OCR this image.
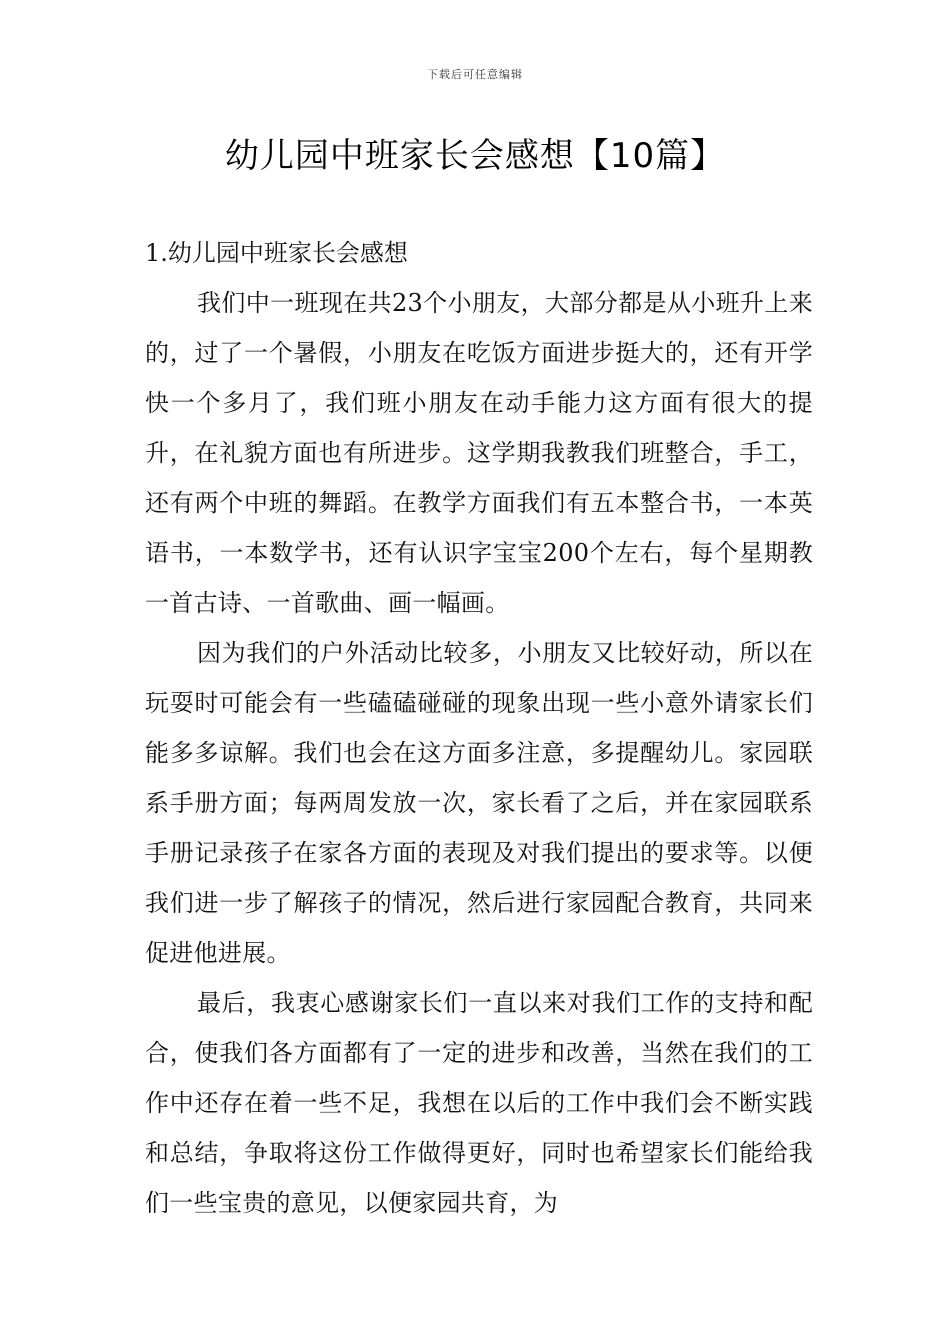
下载后可任意编辑
幼儿园中班家长会感想【10篇】

1.幼儿园中班家长会感想

我们中一班现在共23个小朋友，大部分都是从小班升上来的，过了一个暑假，小朋友在吃饭方面进步挺大的，还有开学快一个多月了，我们班小朋友在动手能力这方面有很大的提升，在礼貌方面也有所进步。这学期我教我们班整合，手工，还有两个中班的舞蹈。在教学方面我们有五本整合书，一本英语书，一本数学书，还有认识字宝宝200个左右，每个星期教一首古诗、一首歌曲、画一幅画。

因为我们的户外活动比较多，小朋友又比较好动，所以在玩耍时可能会有一些磕磕碰碰的现象出现一些小意外请家长们能多多谅解。我们也会在这方面多注意，多提醒幼儿。家园联系手册方面；每两周发放一次，家长看了之后，并在家园联系手册记录孩子在家各方面的表现及对我们提出的要求等。以便我们进一步了解孩子的情况，然后进行家园配合教育，共同来促进他进展。

最后，我衷心感谢家长们一直以来对我们工作的支持和配合，使我们各方面都有了一定的进步和改善，当然在我们的工作中还存在着一些不足，我想在以后的工作中我们会不断实践和总结，争取将这份工作做得更好，同时也希望家长们能给我们一些宝贵的意见，以便家园共育，为
